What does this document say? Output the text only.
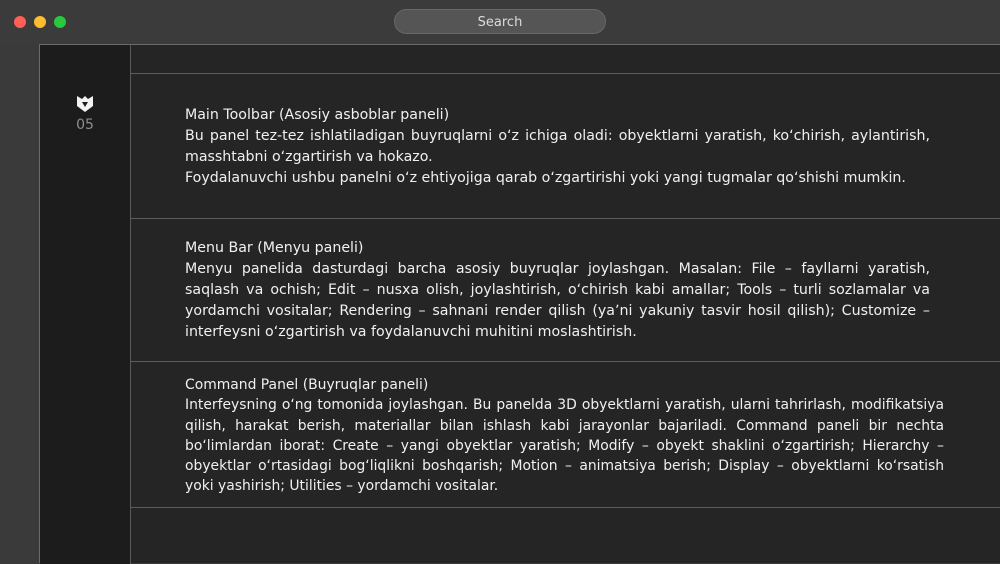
Search
05

Main Toolbar (Asosiy asboblar paneli)

Bu panel tez-tez ishlatiladigan buyruqlarni oʻz ichiga oladi: obyektlarni yaratish, koʻchirish, aylantirish, masshtabni oʻzgartirish va hokazo.

Foydalanuvchi ushbu panelni oʻz ehtiyojiga qarab oʻzgartirishi yoki yangi tugmalar qoʻshishi mumkin.

Menu Bar (Menyu paneli)

Menyu panelida dasturdagi barcha asosiy buyruqlar joylashgan. Masalan: File – fayllarni yaratish, saqlash va ochish; Edit – nusxa olish, joylashtirish, oʻchirish kabi amallar; Tools – turli sozlamalar va yordamchi vositalar; Rendering – sahnani render qilish (yaʼni yakuniy tasvir hosil qilish); Customize – interfeysni oʻzgartirish va foydalanuvchi muhitini moslashtirish.

Command Panel (Buyruqlar paneli)

Interfeysning oʻng tomonida joylashgan. Bu panelda 3D obyektlarni yaratish, ularni tahrirlash, modifikatsiya qilish, harakat berish, materiallar bilan ishlash kabi jarayonlar bajariladi. Command paneli bir nechta boʻlimlardan iborat: Create – yangi obyektlar yaratish; Modify – obyekt shaklini oʻzgartirish; Hierarchy – obyektlar oʻrtasidagi bogʻliqlikni boshqarish; Motion – animatsiya berish; Display – obyektlarni koʻrsatish yoki yashirish; Utilities – yordamchi vositalar.
